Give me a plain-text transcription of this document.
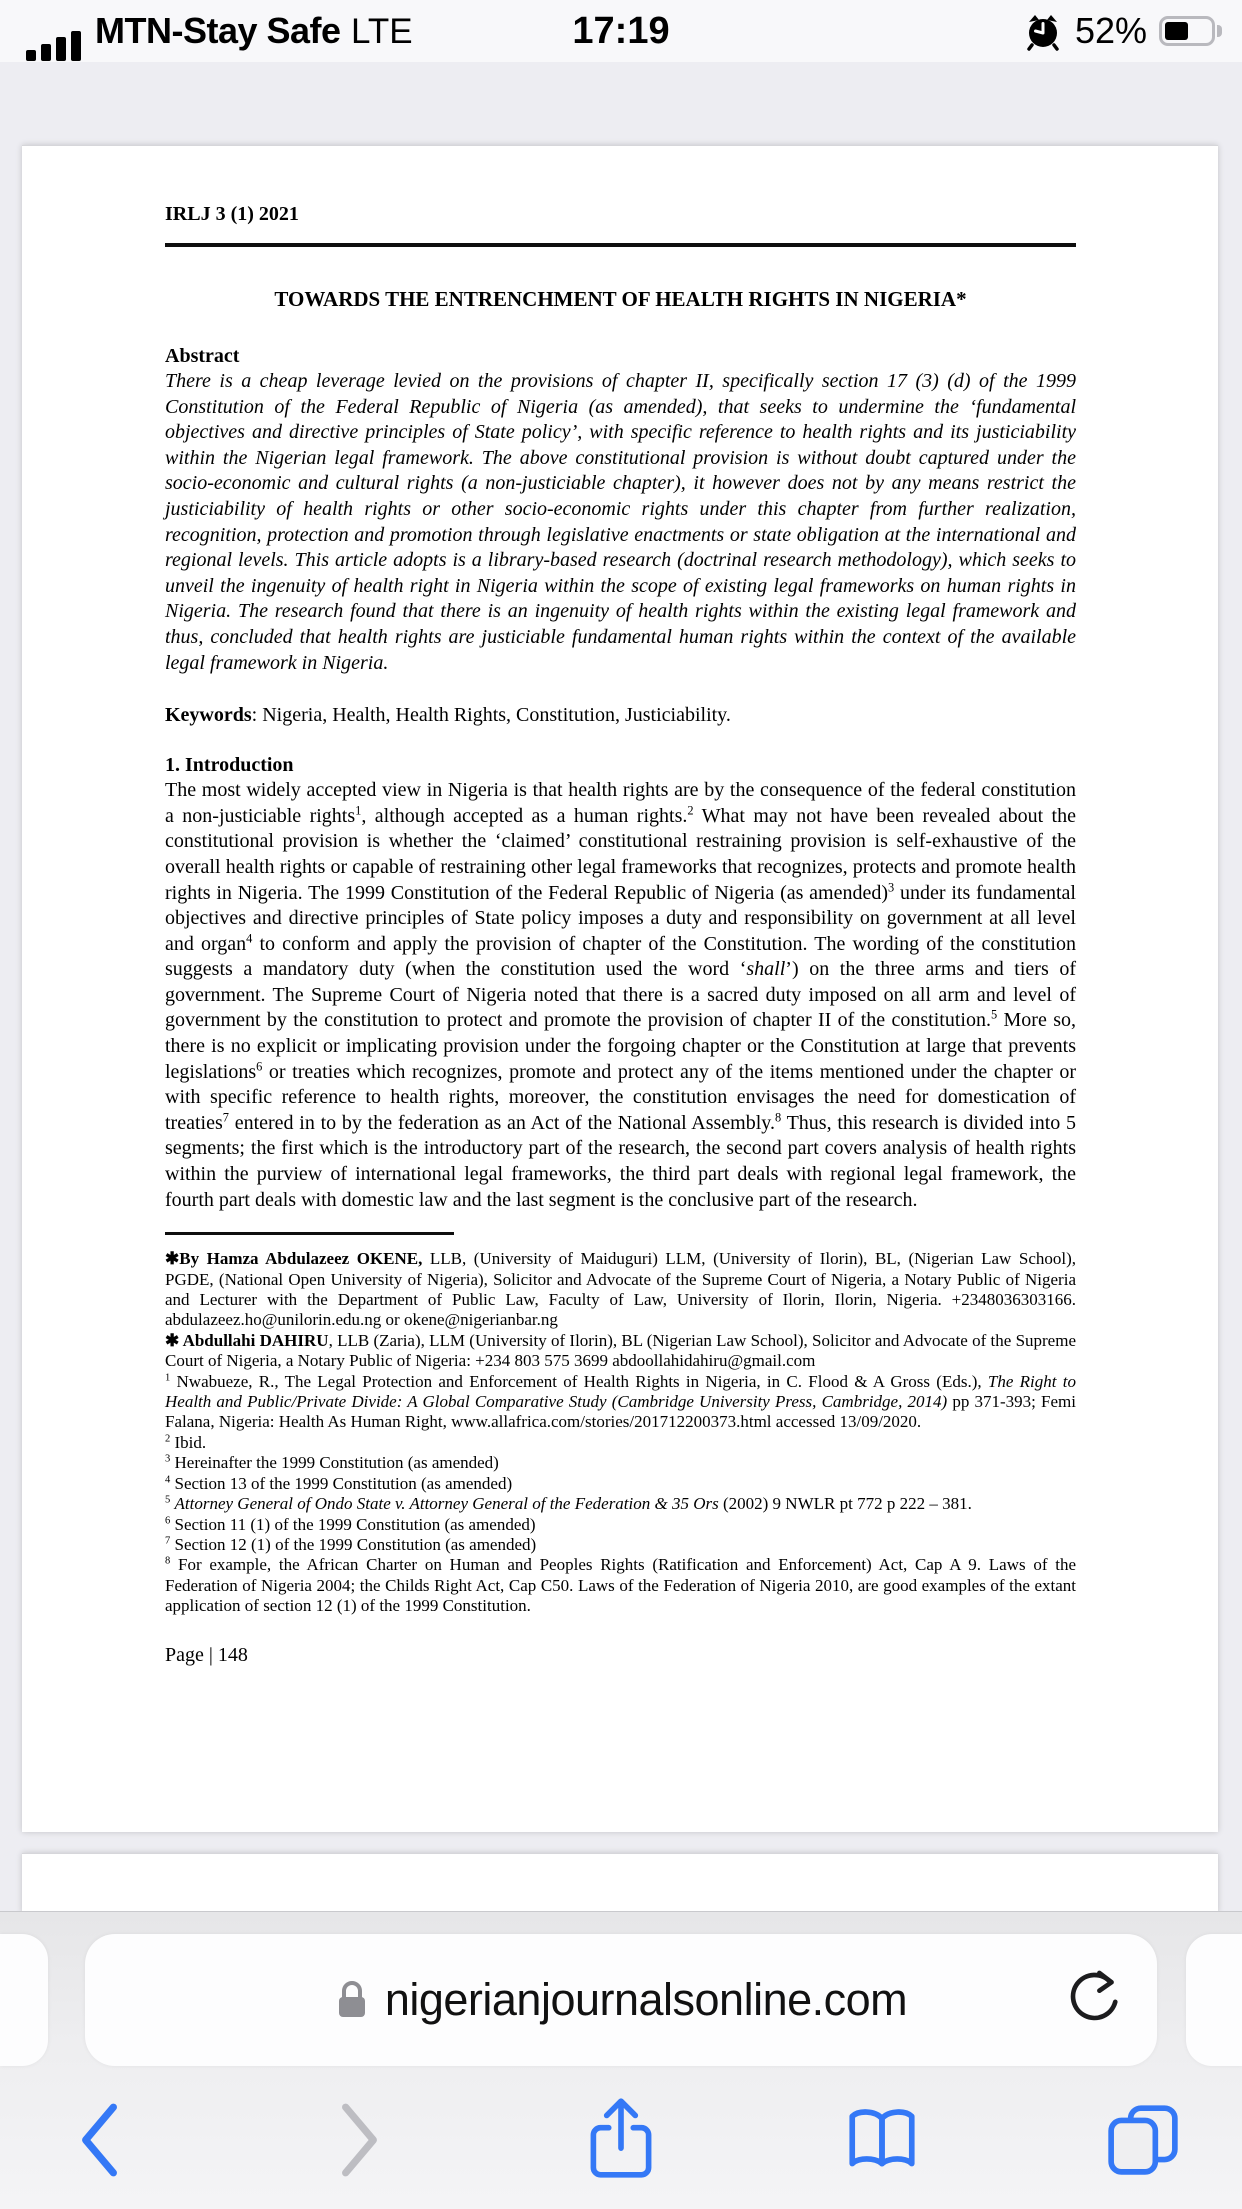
MTN-Stay Safe LTE	17:19	52%
IRLJ 3 (1) 2021
TOWARDS THE ENTRENCHMENT OF HEALTH RIGHTS IN NIGERIA*
Abstract
There is a cheap leverage levied on the provisions of chapter II, specifically section 17 (3) (d) of the 1999 Constitution of the Federal Republic of Nigeria (as amended), that seeks to undermine the ‘fundamental objectives and directive principles of State policy’, with specific reference to health rights and its justiciability within the Nigerian legal framework. The above constitutional provision is without doubt captured under the socio-economic and cultural rights (a non-justiciable chapter), it however does not by any means restrict the justiciability of health rights or other socio-economic rights under this chapter from further realization, recognition, protection and promotion through legislative enactments or state obligation at the international and regional levels. This article adopts is a library-based research (doctrinal research methodology), which seeks to unveil the ingenuity of health right in Nigeria within the scope of existing legal frameworks on human rights in Nigeria. The research found that there is an ingenuity of health rights within the existing legal framework and thus, concluded that health rights are justiciable fundamental human rights within the context of the available legal framework in Nigeria.
Keywords: Nigeria, Health, Health Rights, Constitution, Justiciability.
1. Introduction
The most widely accepted view in Nigeria is that health rights are by the consequence of the federal constitution a non-justiciable rights$^1$, although accepted as a human rights.$^2$ What may not have been revealed about the constitutional provision is whether the ‘claimed’ constitutional restraining provision is self-exhaustive of the overall health rights or capable of restraining other legal frameworks that recognizes, protects and promote health rights in Nigeria. The 1999 Constitution of the Federal Republic of Nigeria (as amended)$^3$ under its fundamental objectives and directive principles of State policy imposes a duty and responsibility on government at all level and organ$^4$ to conform and apply the provision of chapter of the Constitution. The wording of the constitution suggests a mandatory duty (when the constitution used the word ‘shall’) on the three arms and tiers of government. The Supreme Court of Nigeria noted that there is a sacred duty imposed on all arm and level of government by the constitution to protect and promote the provision of chapter II of the constitution.$^5$ More so, there is no explicit or implicating provision under the forgoing chapter or the Constitution at large that prevents legislations$^6$ or treaties which recognizes, promote and protect any of the items mentioned under the chapter or with specific reference to health rights, moreover, the constitution envisages the need for domestication of treaties$^7$ entered in to by the federation as an Act of the National Assembly.$^8$ Thus, this research is divided into 5 segments; the first which is the introductory part of the research, the second part covers analysis of health rights within the purview of international legal frameworks, the third part deals with regional legal framework, the fourth part deals with domestic law and the last segment is the conclusive part of the research.

✱By Hamza Abdulazeez OKENE, LLB, (University of Maiduguri) LLM, (University of Ilorin), BL, (Nigerian Law School), PGDE, (National Open University of Nigeria), Solicitor and Advocate of the Supreme Court of Nigeria, a Notary Public of Nigeria and Lecturer with the Department of Public Law, Faculty of Law, University of Ilorin, Ilorin, Nigeria. +2348036303166. abdulazeez.ho@unilorin.edu.ng or okene@nigerianbar.ng

✱ Abdullahi DAHIRU, LLB (Zaria), LLM (University of Ilorin), BL (Nigerian Law School), Solicitor and Advocate of the Supreme Court of Nigeria, a Notary Public of Nigeria: +234 803 575 3699 abdoollahidahiru@gmail.com

$^1$ Nwabueze, R., The Legal Protection and Enforcement of Health Rights in Nigeria, in C. Flood & A Gross (Eds.), The Right to Health and Public/Private Divide: A Global Comparative Study (Cambridge University Press, Cambridge, 2014) pp 371-393; Femi Falana, Nigeria: Health As Human Right, www.allafrica.com/stories/201712200373.html accessed 13/09/2020.

$^2$ Ibid.

$^3$ Hereinafter the 1999 Constitution (as amended)

$^4$ Section 13 of the 1999 Constitution (as amended)

$^5$ Attorney General of Ondo State v. Attorney General of the Federation & 35 Ors (2002) 9 NWLR pt 772 p 222 – 381.

$^6$ Section 11 (1) of the 1999 Constitution (as amended)

$^7$ Section 12 (1) of the 1999 Constitution (as amended)

$^8$ For example, the African Charter on Human and Peoples Rights (Ratification and Enforcement) Act, Cap A 9. Laws of the Federation of Nigeria 2004; the Childs Right Act, Cap C50. Laws of the Federation of Nigeria 2010, are good examples of the extant application of section 12 (1) of the 1999 Constitution.

Page | 148
nigerianjournalsonline.com
